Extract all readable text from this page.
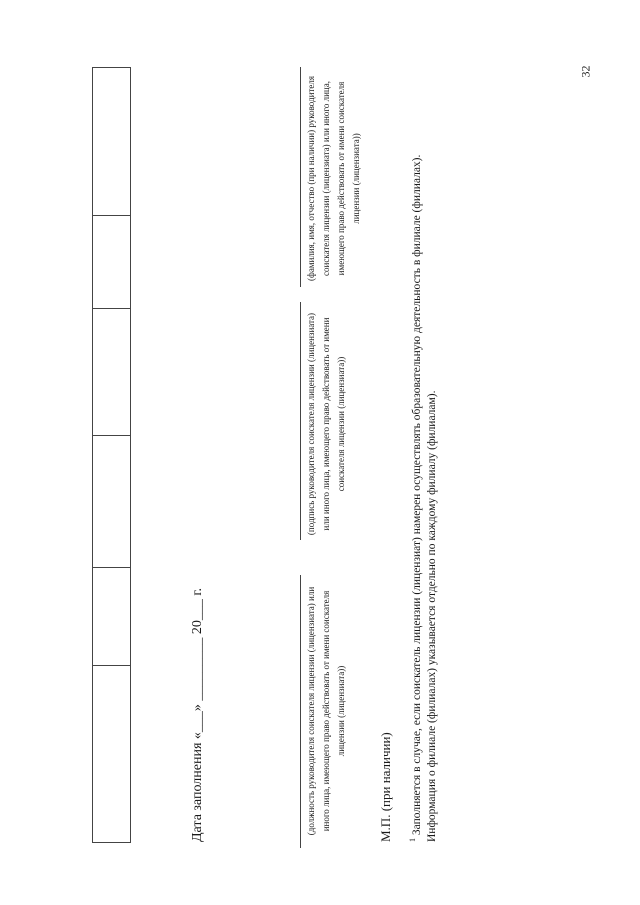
32
Дата заполнения «___» _________ 20___ г.	(должность руководителя соискателя лицензии (лицензиата) или иного лица, имеющего право действовать от имени соискателя лицензии (лицензиата))
(подпись руководителя соискателя лицензии (лицензиата) или иного лица, имеющего право действовать от имени соискателя лицензии (лицензиата))
(фамилия, имя, отчество (при наличии) руководителя соискателя лицензии (лицензиата) или иного лица, имеющего право действовать от имени соискателя лицензии (лицензиата))
М.П. (при наличии)	$^1$ Заполняется в случае, если соискатель лицензии (лицензиат) намерен осуществлять образовательную деятельность в филиале (филиалах). Информация о филиале (филиалах) указывается отдельно по каждому филиалу (филиалам).
